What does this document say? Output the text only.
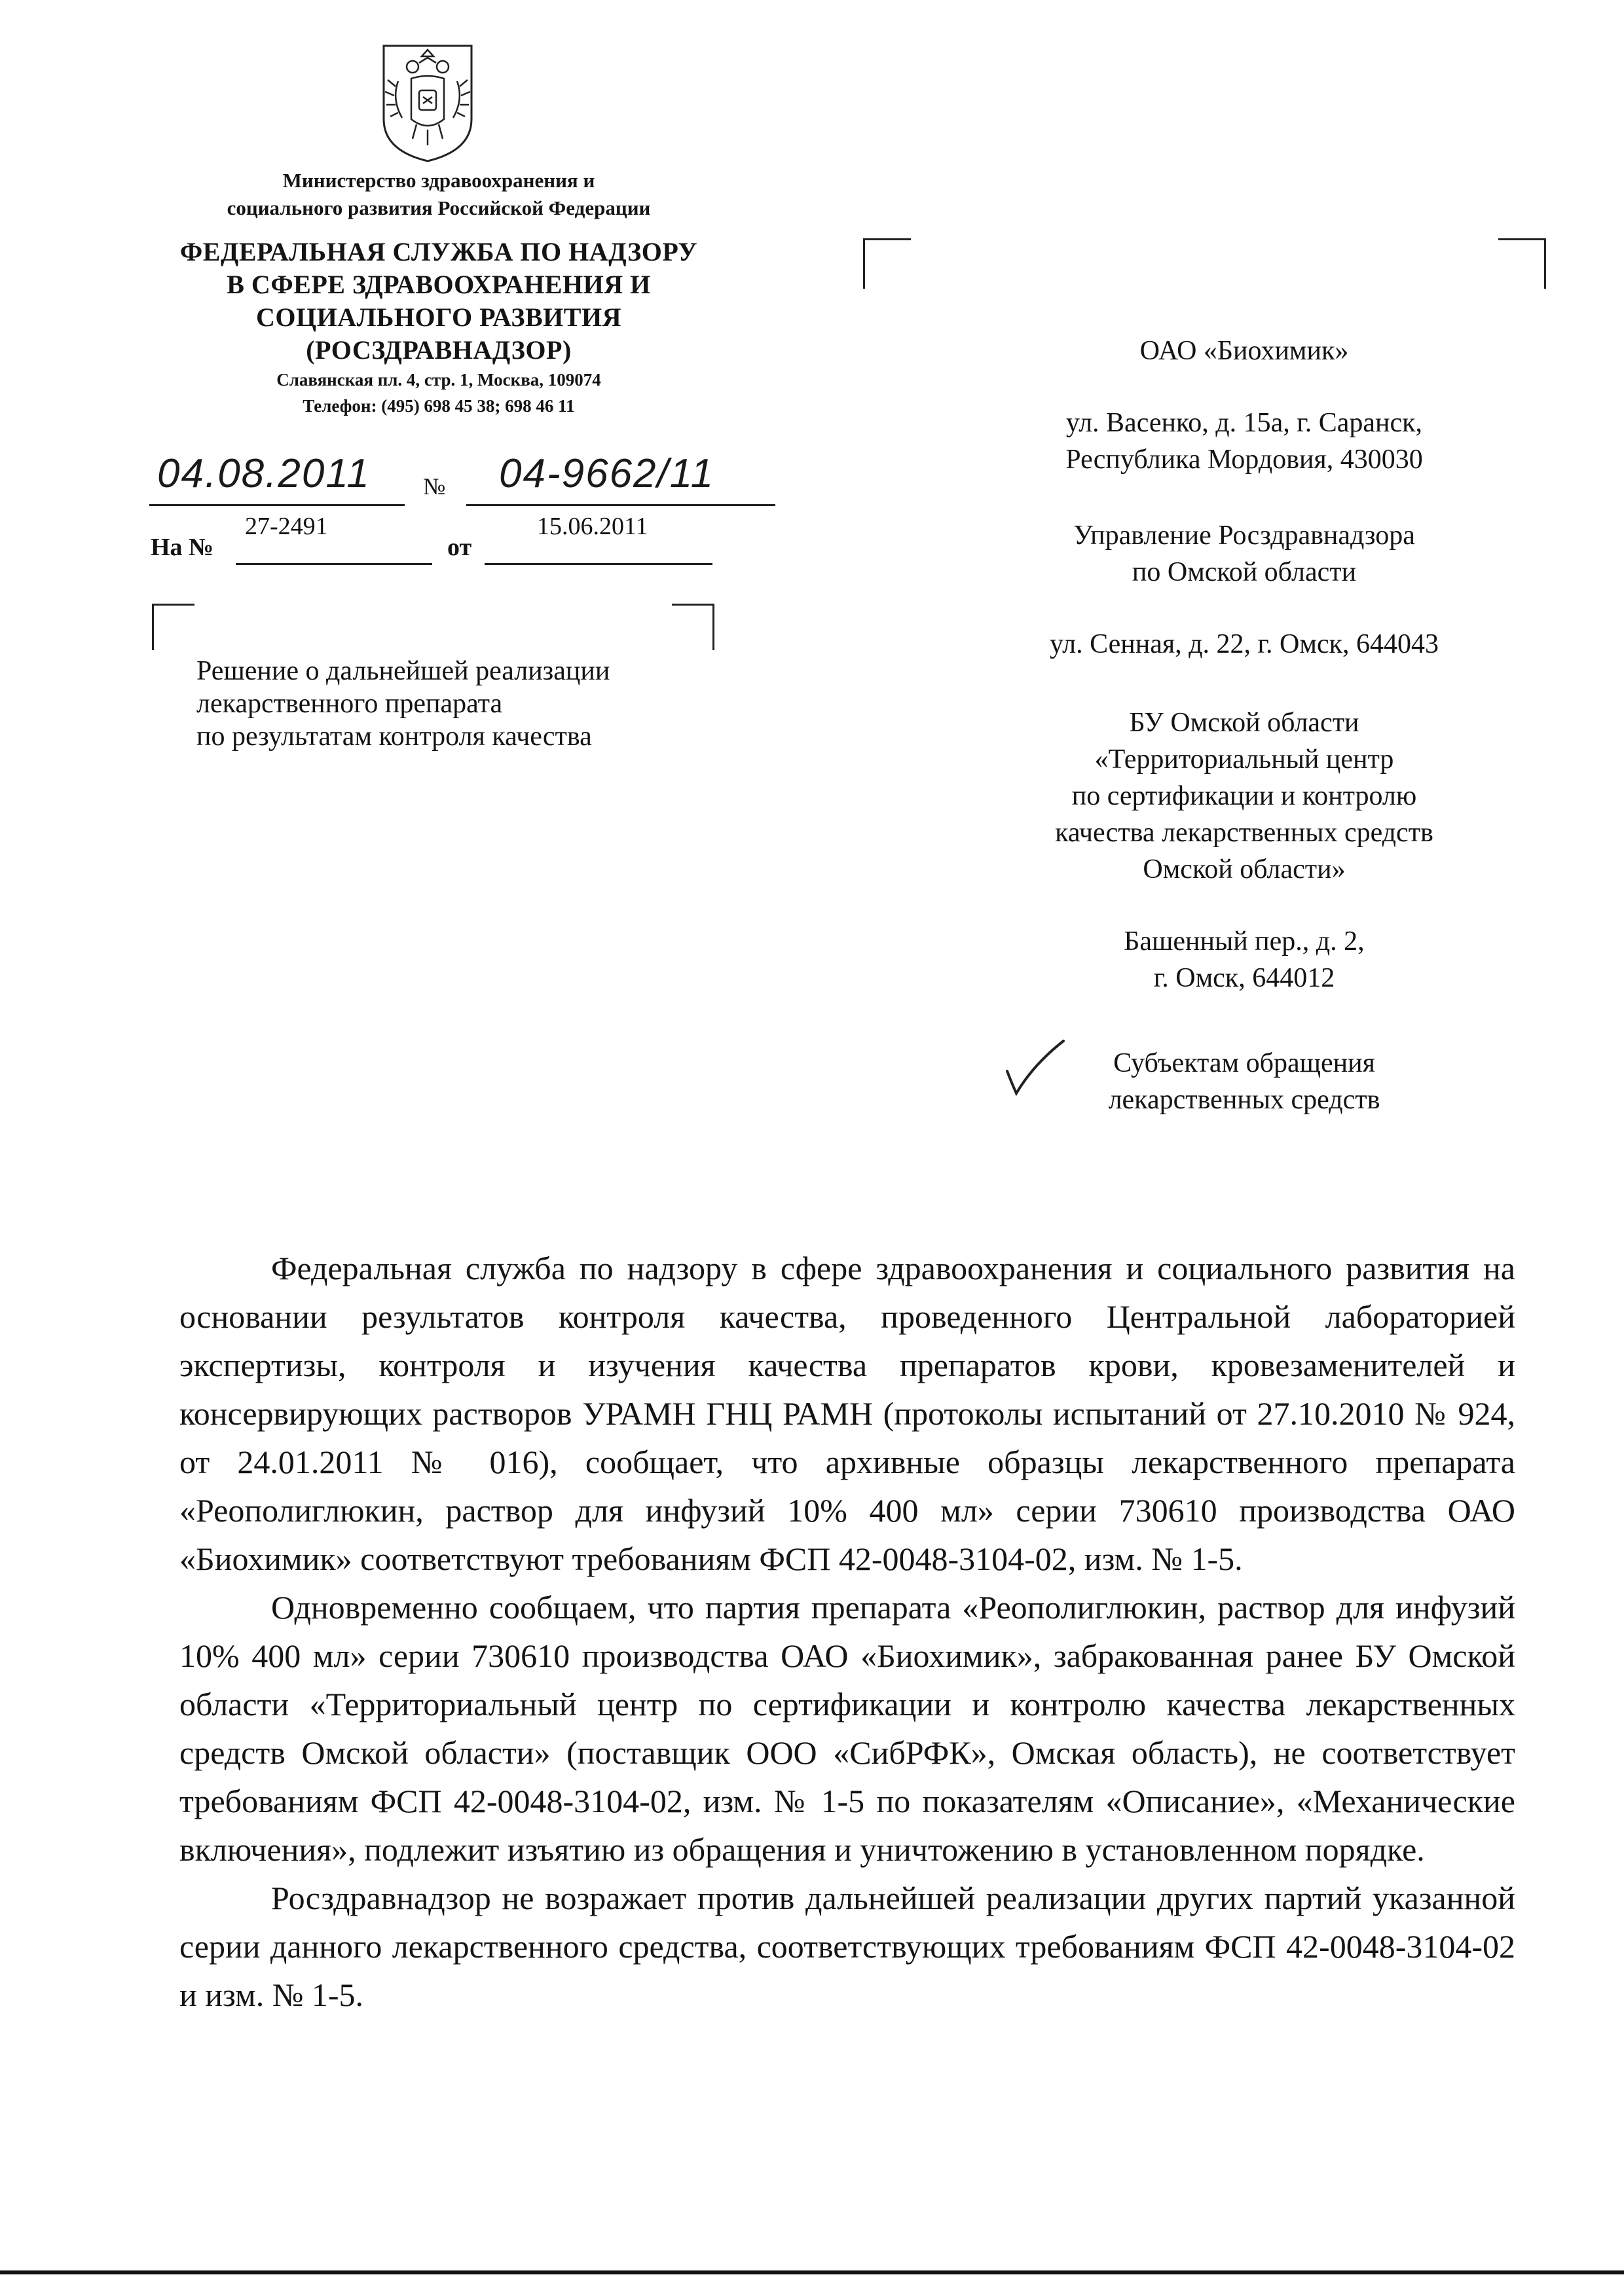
Министерство здравоохранения и
социального развития Российской Федерации
ФЕДЕРАЛЬНАЯ СЛУЖБА ПО НАДЗОРУ
В СФЕРЕ ЗДРАВООХРАНЕНИЯ И
СОЦИАЛЬНОГО РАЗВИТИЯ
(РОСЗДРАВНАДЗОР)
Славянская пл. 4, стр. 1, Москва, 109074
Телефон: (495) 698 45 38; 698 46 11
04.08.2011 № 04-9662/11
На №
27-2491
от
15.06.2011
Решение о дальнейшей реализации
лекарственного препарата
по результатам контроля качества
ОАО «Биохимик»
ул. Васенко, д. 15а, г. Саранск,
Республика Мордовия, 430030
Управление Росздравнадзора
по Омской области
ул. Сенная, д. 22, г. Омск, 644043
БУ Омской области
«Территориальный центр
по сертификации и контролю
качества лекарственных средств
Омской области»
Башенный пер., д. 2,
г. Омск, 644012
Субъектам обращения
лекарственных средств

Федеральная служба по надзору в сфере здравоохранения и социального развития на основании результатов контроля качества, проведенного Центральной лабораторией экспертизы, контроля и изучения качества препаратов крови, кровезаменителей и консервирующих растворов УРАМН ГНЦ РАМН (протоколы испытаний от 27.10.2010 № 924, от 24.01.2011 № 016), сообщает, что архивные образцы лекарственного препарата «Реополиглюкин, раствор для инфузий 10% 400 мл» серии 730610 производства ОАО «Биохимик» соответствуют требованиям ФСП 42-0048-3104-02, изм. № 1-5.

Одновременно сообщаем, что партия препарата «Реополиглюкин, раствор для инфузий 10% 400 мл» серии 730610 производства ОАО «Биохимик», забракованная ранее БУ Омской области «Территориальный центр по сертификации и контролю качества лекарственных средств Омской области» (поставщик ООО «СибРФК», Омская область), не соответствует требованиям ФСП 42-0048-3104-02, изм. № 1-5 по показателям «Описание», «Механические включения», подлежит изъятию из обращения и уничтожению в установленном порядке.

Росздравнадзор не возражает против дальнейшей реализации других партий указанной серии данного лекарственного средства, соответствующих требованиям ФСП 42-0048-3104-02 и изм. № 1-5.
